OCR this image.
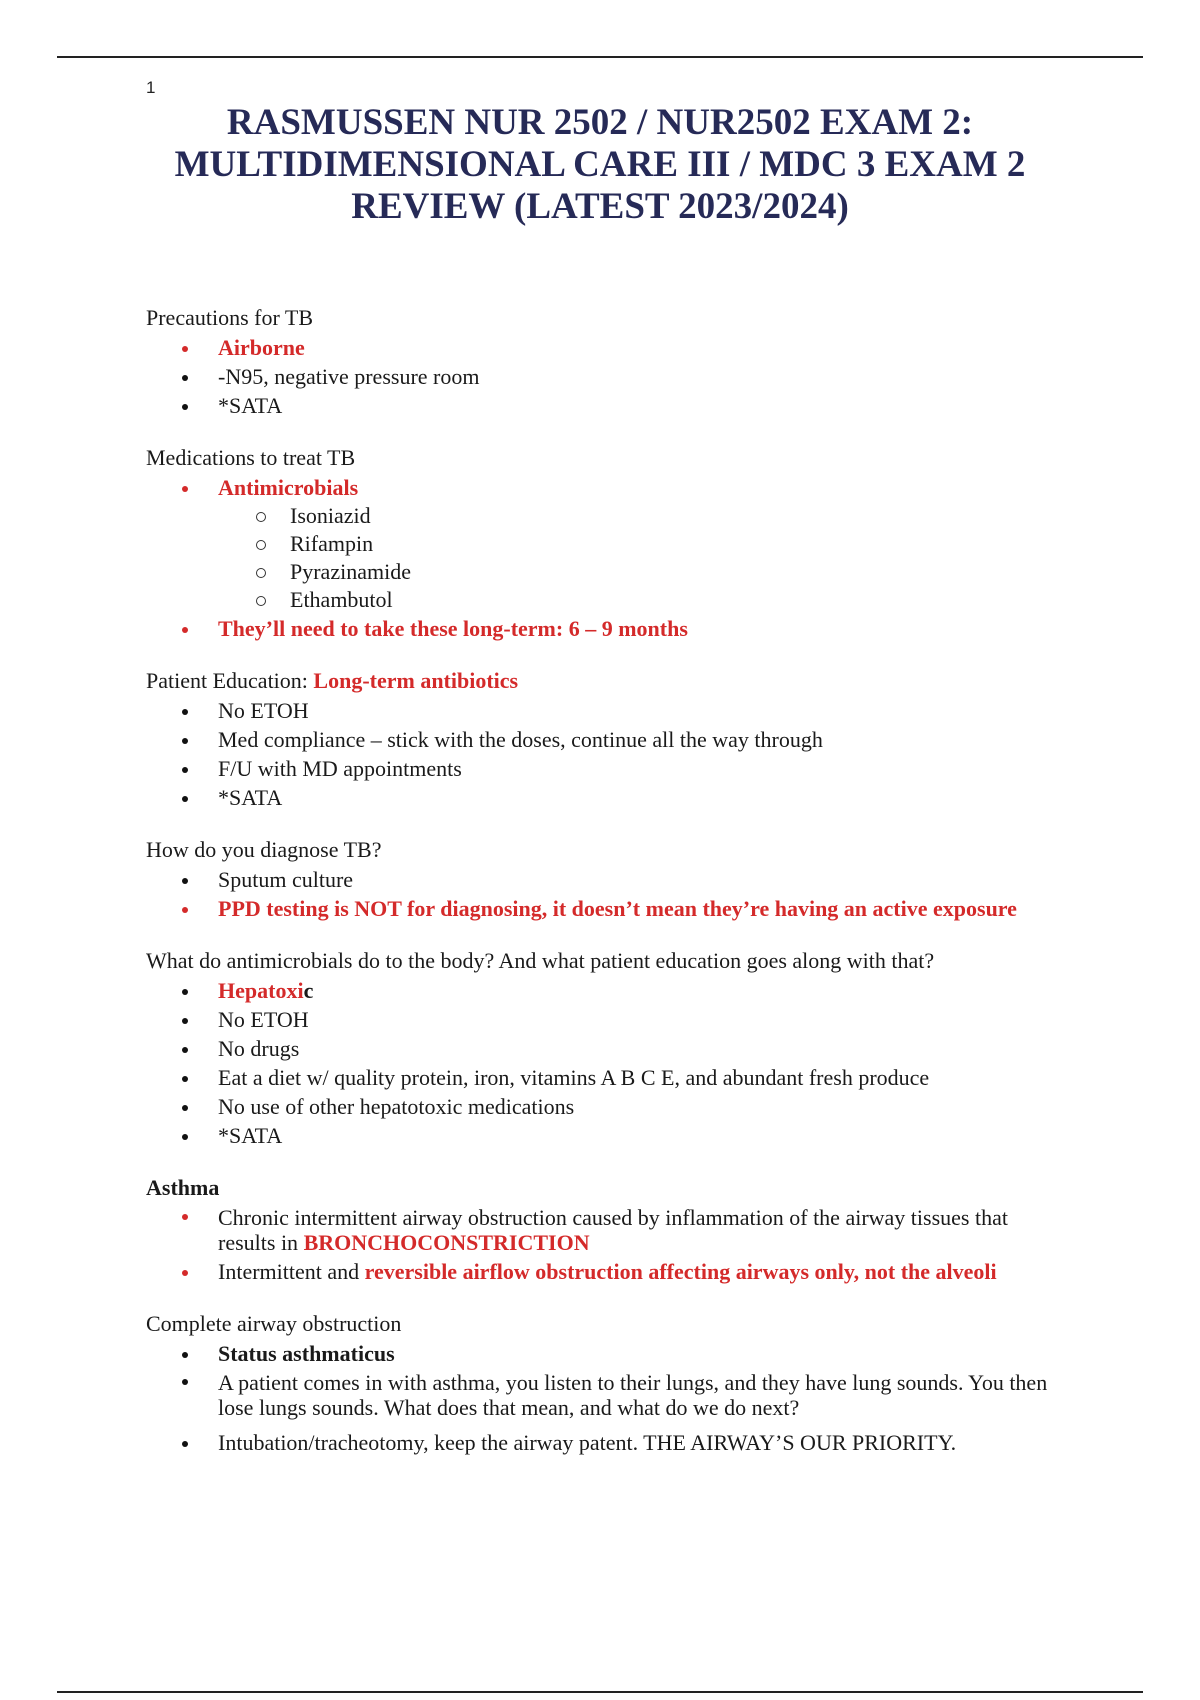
1
RASMUSSEN NUR 2502 / NUR2502 EXAM 2: MULTIDIMENSIONAL CARE III / MDC 3 EXAM 2 REVIEW (LATEST 2023/2024)
Precautions for TB
Airborne
-N95, negative pressure room
*SATA
Medications to treat TB
Antimicrobials
Isoniazid
Rifampin
Pyrazinamide
Ethambutol
They’ll need to take these long-term: 6 – 9 months
Patient Education: Long-term antibiotics
No ETOH
Med compliance – stick with the doses, continue all the way through
F/U with MD appointments
*SATA
How do you diagnose TB?
Sputum culture
PPD testing is NOT for diagnosing, it doesn’t mean they’re having an active exposure
What do antimicrobials do to the body? And what patient education goes along with that?
Hepatoxic
No ETOH
No drugs
Eat a diet w/ quality protein, iron, vitamins A B C E, and abundant fresh produce
No use of other hepatotoxic medications
*SATA
Asthma
Chronic intermittent airway obstruction caused by inflammation of the airway tissues that results in BRONCHOCONSTRICTION
Intermittent and reversible airflow obstruction affecting airways only, not the alveoli
Complete airway obstruction
Status asthmaticus
A patient comes in with asthma, you listen to their lungs, and they have lung sounds. You then lose lungs sounds. What does that mean, and what do we do next?
Intubation/tracheotomy, keep the airway patent. THE AIRWAY’S OUR PRIORITY.
